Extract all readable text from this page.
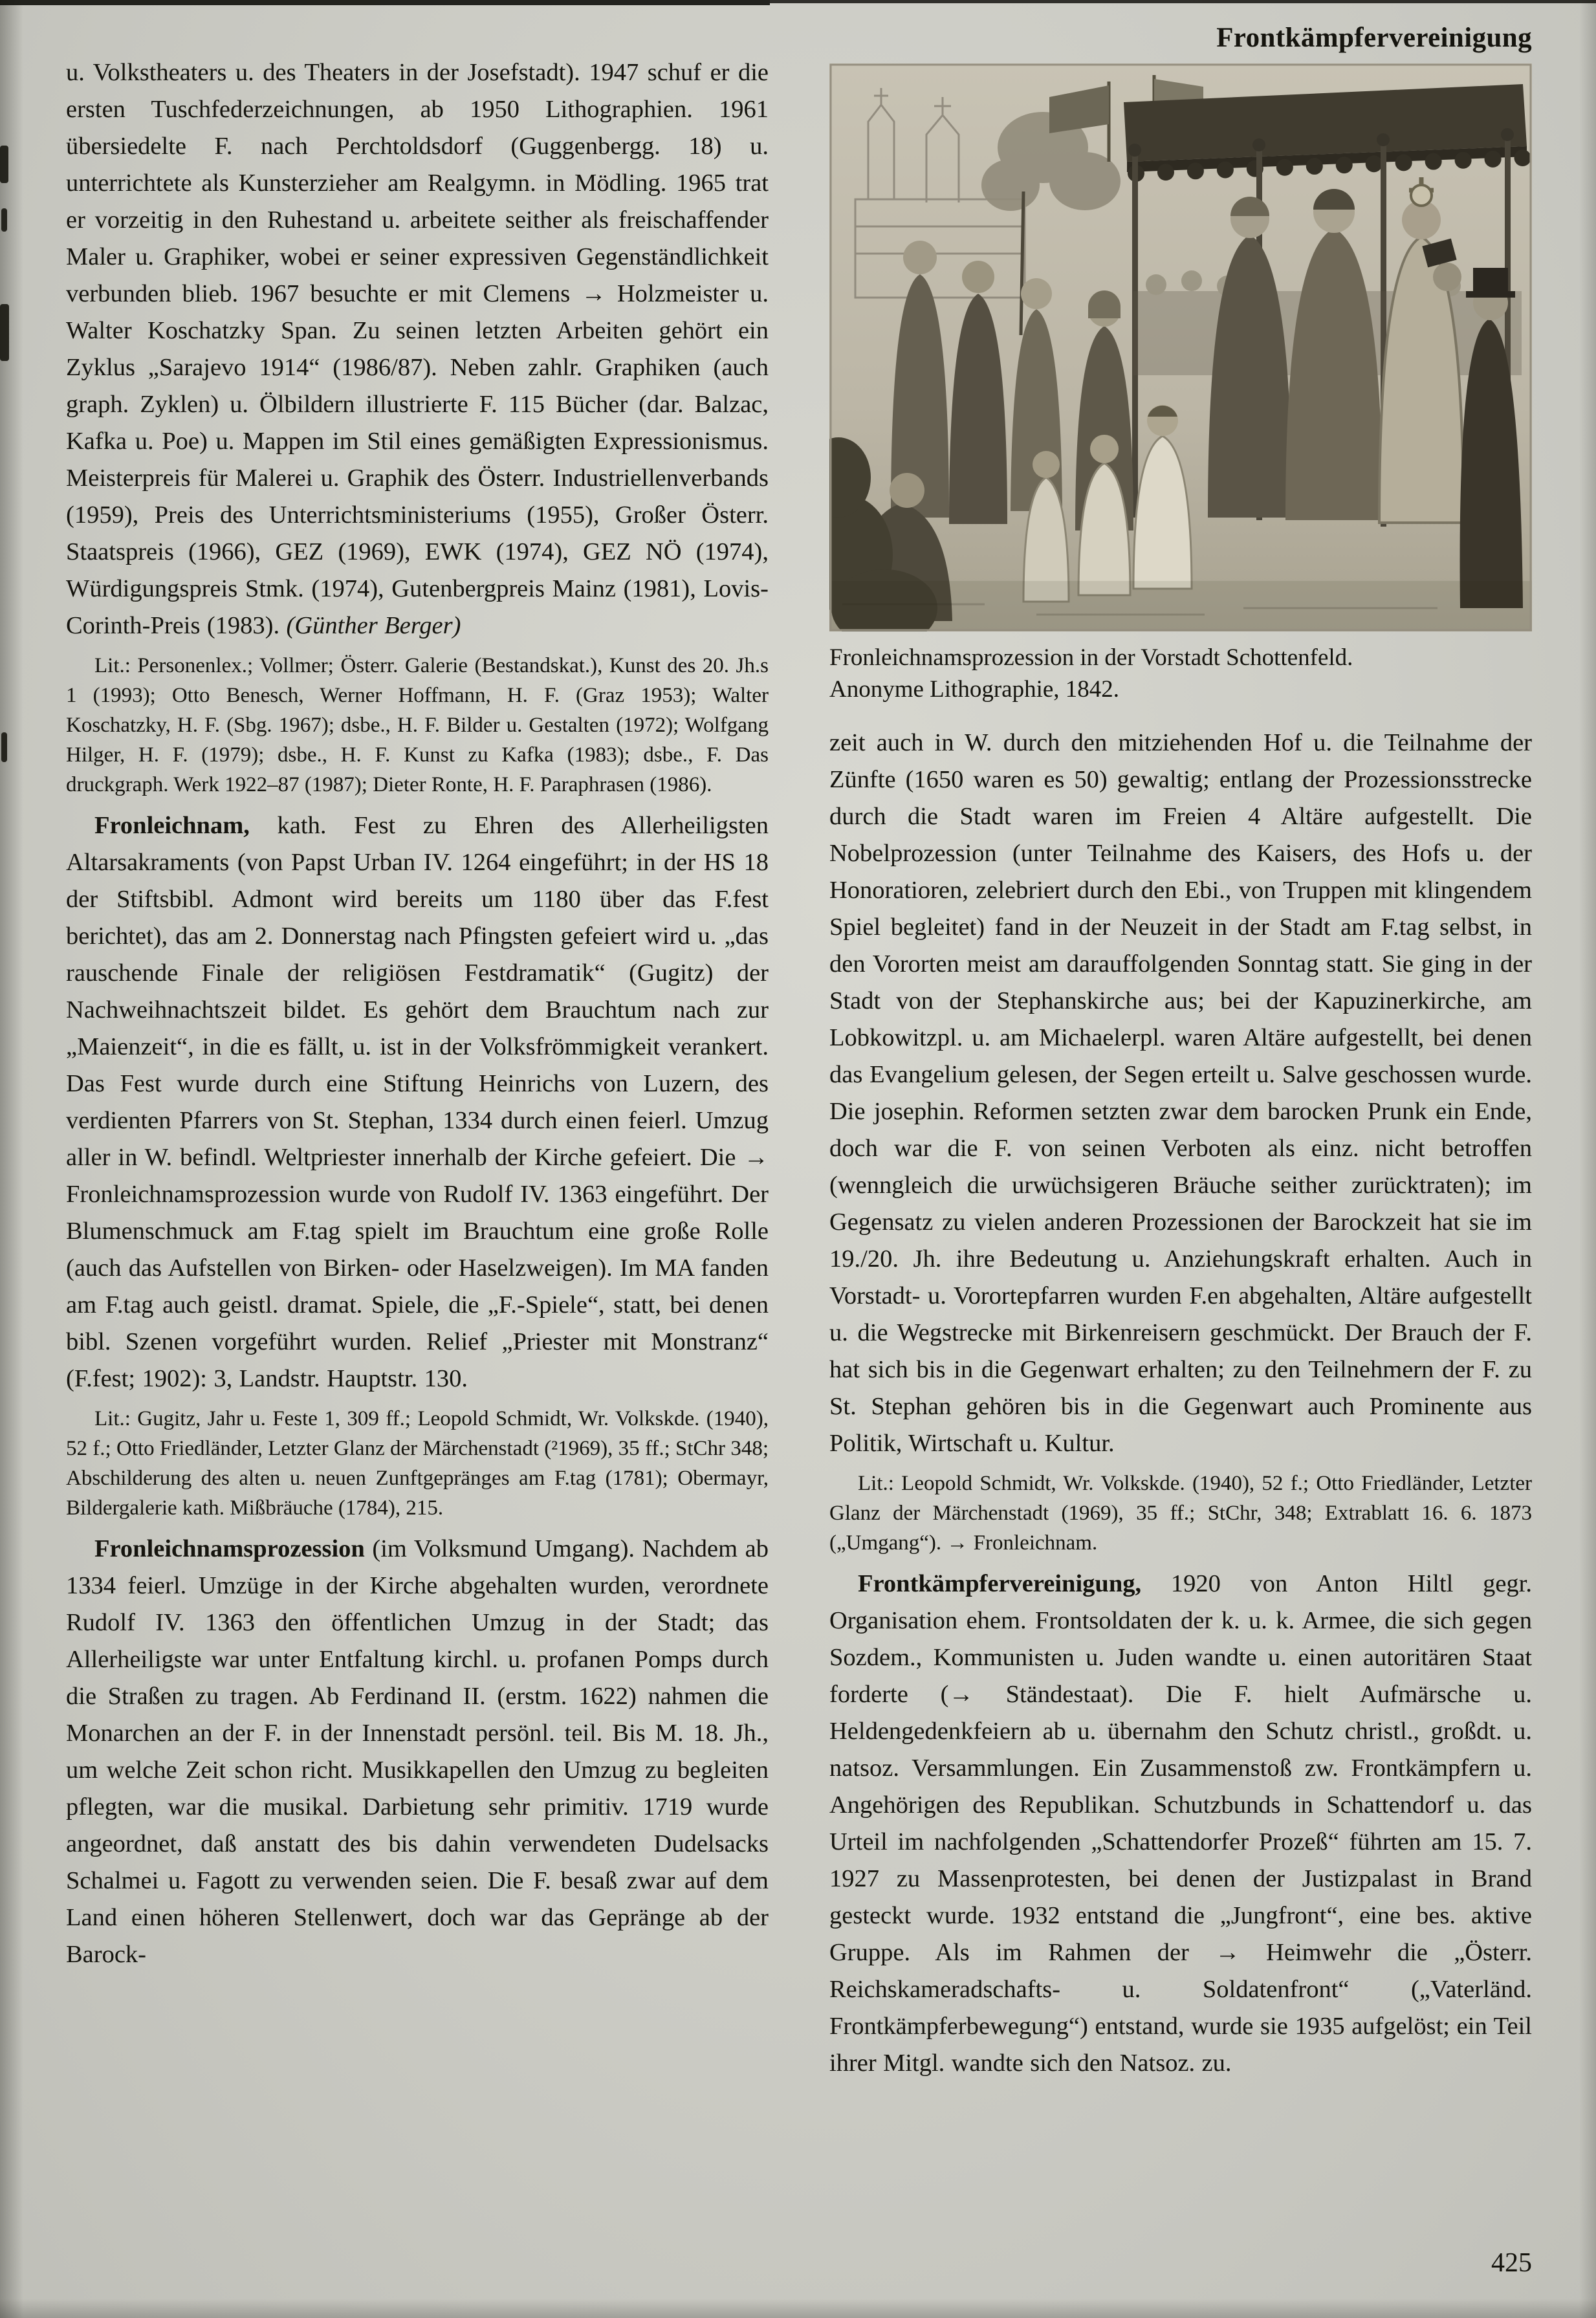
Frontkämpfervereinigung

u. Volkstheaters u. des Theaters in der Josefstadt). 1947 schuf er die ersten Tuschfederzeichnungen, ab 1950 Lithographien. 1961 übersiedelte F. nach Perchtoldsdorf (Guggenbergg. 18) u. unterrichtete als Kunsterzieher am Realgymn. in Mödling. 1965 trat er vorzeitig in den Ruhestand u. arbeitete seither als freischaffender Maler u. Graphiker, wobei er seiner expressiven Gegenständlichkeit verbunden blieb. 1967 besuchte er mit Clemens → Holzmeister u. Walter Koschatzky Span. Zu seinen letzten Arbeiten gehört ein Zyklus „Sarajevo 1914“ (1986/87). Neben zahlr. Graphiken (auch graph. Zyklen) u. Ölbildern illustrierte F. 115 Bücher (dar. Balzac, Kafka u. Poe) u. Mappen im Stil eines gemäßigten Expressionismus. Meisterpreis für Malerei u. Graphik des Österr. Industriellenverbands (1959), Preis des Unterrichtsministeriums (1955), Großer Österr. Staatspreis (1966), GEZ (1969), EWK (1974), GEZ NÖ (1974), Würdigungspreis Stmk. (1974), Gutenbergpreis Mainz (1981), Lovis-Corinth-Preis (1983). (Günther Berger)

Lit.: Personenlex.; Vollmer; Österr. Galerie (Bestandskat.), Kunst des 20. Jh.s 1 (1993); Otto Benesch, Werner Hoffmann, H. F. (Graz 1953); Walter Koschatzky, H. F. (Sbg. 1967); dsbe., H. F. Bilder u. Gestalten (1972); Wolfgang Hilger, H. F. (1979); dsbe., H. F. Kunst zu Kafka (1983); dsbe., F. Das druckgraph. Werk 1922–87 (1987); Dieter Ronte, H. F. Paraphrasen (1986).

Fronleichnam, kath. Fest zu Ehren des Allerheiligsten Altarsakraments (von Papst Urban IV. 1264 eingeführt; in der HS 18 der Stiftsbibl. Admont wird bereits um 1180 über das F.fest berichtet), das am 2. Donnerstag nach Pfingsten gefeiert wird u. „das rauschende Finale der religiösen Festdramatik“ (Gugitz) der Nachweihnachtszeit bildet. Es gehört dem Brauchtum nach zur „Maienzeit“, in die es fällt, u. ist in der Volksfrömmigkeit verankert. Das Fest wurde durch eine Stiftung Heinrichs von Luzern, des verdienten Pfarrers von St. Stephan, 1334 durch einen feierl. Umzug aller in W. befindl. Weltpriester innerhalb der Kirche gefeiert. Die → Fronleichnamsprozession wurde von Rudolf IV. 1363 eingeführt. Der Blumenschmuck am F.tag spielt im Brauchtum eine große Rolle (auch das Aufstellen von Birken- oder Haselzweigen). Im MA fanden am F.tag auch geistl. dramat. Spiele, die „F.-Spiele“, statt, bei denen bibl. Szenen vorgeführt wurden. Relief „Priester mit Monstranz“ (F.fest; 1902): 3, Landstr. Hauptstr. 130.

Lit.: Gugitz, Jahr u. Feste 1, 309 ff.; Leopold Schmidt, Wr. Volkskde. (1940), 52 f.; Otto Friedländer, Letzter Glanz der Märchenstadt (²1969), 35 ff.; StChr 348; Abschilderung des alten u. neuen Zunftgepränges am F.tag (1781); Obermayr, Bildergalerie kath. Mißbräuche (1784), 215.

Fronleichnamsprozession (im Volksmund Umgang). Nachdem ab 1334 feierl. Umzüge in der Kirche abgehalten wurden, verordnete Rudolf IV. 1363 den öffentlichen Umzug in der Stadt; das Allerheiligste war unter Entfaltung kirchl. u. profanen Pomps durch die Straßen zu tragen. Ab Ferdinand II. (erstm. 1622) nahmen die Monarchen an der F. in der Innenstadt persönl. teil. Bis M. 18. Jh., um welche Zeit schon richt. Musikkapellen den Umzug zu begleiten pflegten, war die musikal. Darbietung sehr primitiv. 1719 wurde angeordnet, daß anstatt des bis dahin verwendeten Dudelsacks Schalmei u. Fagott zu verwenden seien. Die F. besaß zwar auf dem Land einen höheren Stellenwert, doch war das Gepränge ab der Barock-

Fronleichnamsprozession in der Vorstadt Schottenfeld.
Anonyme Lithographie, 1842.

zeit auch in W. durch den mitziehenden Hof u. die Teilnahme der Zünfte (1650 waren es 50) gewaltig; entlang der Prozessionsstrecke durch die Stadt waren im Freien 4 Altäre aufgestellt. Die Nobelprozession (unter Teilnahme des Kaisers, des Hofs u. der Honoratioren, zelebriert durch den Ebi., von Truppen mit klingendem Spiel begleitet) fand in der Neuzeit in der Stadt am F.tag selbst, in den Vororten meist am darauffolgenden Sonntag statt. Sie ging in der Stadt von der Stephanskirche aus; bei der Kapuzinerkirche, am Lobkowitzpl. u. am Michaelerpl. waren Altäre aufgestellt, bei denen das Evangelium gelesen, der Segen erteilt u. Salve geschossen wurde. Die josephin. Reformen setzten zwar dem barocken Prunk ein Ende, doch war die F. von seinen Verboten als einz. nicht betroffen (wenngleich die urwüchsigeren Bräuche seither zurücktraten); im Gegensatz zu vielen anderen Prozessionen der Barockzeit hat sie im 19./20. Jh. ihre Bedeutung u. Anziehungskraft erhalten. Auch in Vorstadt- u. Vorortepfarren wurden F.en abgehalten, Altäre aufgestellt u. die Wegstrecke mit Birkenreisern geschmückt. Der Brauch der F. hat sich bis in die Gegenwart erhalten; zu den Teilnehmern der F. zu St. Stephan gehören bis in die Gegenwart auch Prominente aus Politik, Wirtschaft u. Kultur.

Lit.: Leopold Schmidt, Wr. Volkskde. (1940), 52 f.; Otto Friedländer, Letzter Glanz der Märchenstadt (1969), 35 ff.; StChr, 348; Extrablatt 16. 6. 1873 („Umgang“). → Fronleichnam.

Frontkämpfervereinigung, 1920 von Anton Hiltl gegr. Organisation ehem. Frontsoldaten der k. u. k. Armee, die sich gegen Sozdem., Kommunisten u. Juden wandte u. einen autoritären Staat forderte (→ Ständestaat). Die F. hielt Aufmärsche u. Heldengedenkfeiern ab u. übernahm den Schutz christl., großdt. u. natsoz. Versammlungen. Ein Zusammenstoß zw. Frontkämpfern u. Angehörigen des Republikan. Schutzbunds in Schattendorf u. das Urteil im nachfolgenden „Schattendorfer Prozeß“ führten am 15. 7. 1927 zu Massenprotesten, bei denen der Justizpalast in Brand gesteckt wurde. 1932 entstand die „Jungfront“, eine bes. aktive Gruppe. Als im Rahmen der → Heimwehr die „Österr. Reichskameradschafts- u. Soldatenfront“ („Vaterländ. Frontkämpferbewegung“) entstand, wurde sie 1935 aufgelöst; ein Teil ihrer Mitgl. wandte sich den Natsoz. zu.

425
